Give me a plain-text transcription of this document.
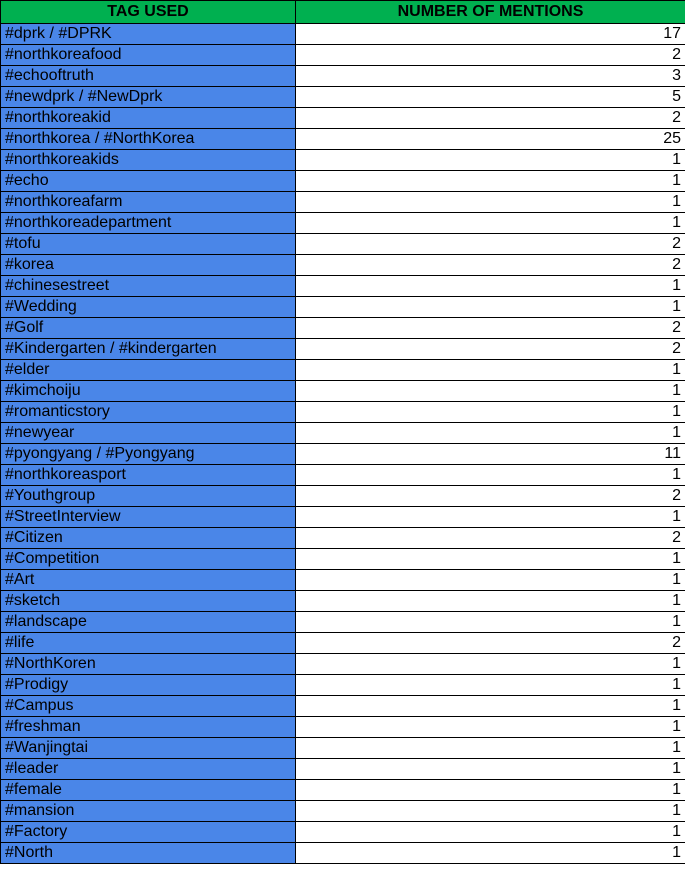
TAG USED	NUMBER OF MENTIONS
#dprk / #DPRK	17
#northkoreafood	2
#echooftruth	3
#newdprk / #NewDprk	5
#northkoreakid	2
#northkorea / #NorthKorea	25
#northkoreakids	1
#echo	1
#northkoreafarm	1
#northkoreadepartment	1
#tofu	2
#korea	2
#chinesestreet	1
#Wedding	1
#Golf	2
#Kindergarten / #kindergarten	2
#elder	1
#kimchoiju	1
#romanticstory	1
#newyear	1
#pyongyang / #Pyongyang	11
#northkoreasport	1
#Youthgroup	2
#StreetInterview	1
#Citizen	2
#Competition	1
#Art	1
#sketch	1
#landscape	1
#life	2
#NorthKoren	1
#Prodigy	1
#Campus	1
#freshman	1
#Wanjingtai	1
#leader	1
#female	1
#mansion	1
#Factory	1
#North	1
